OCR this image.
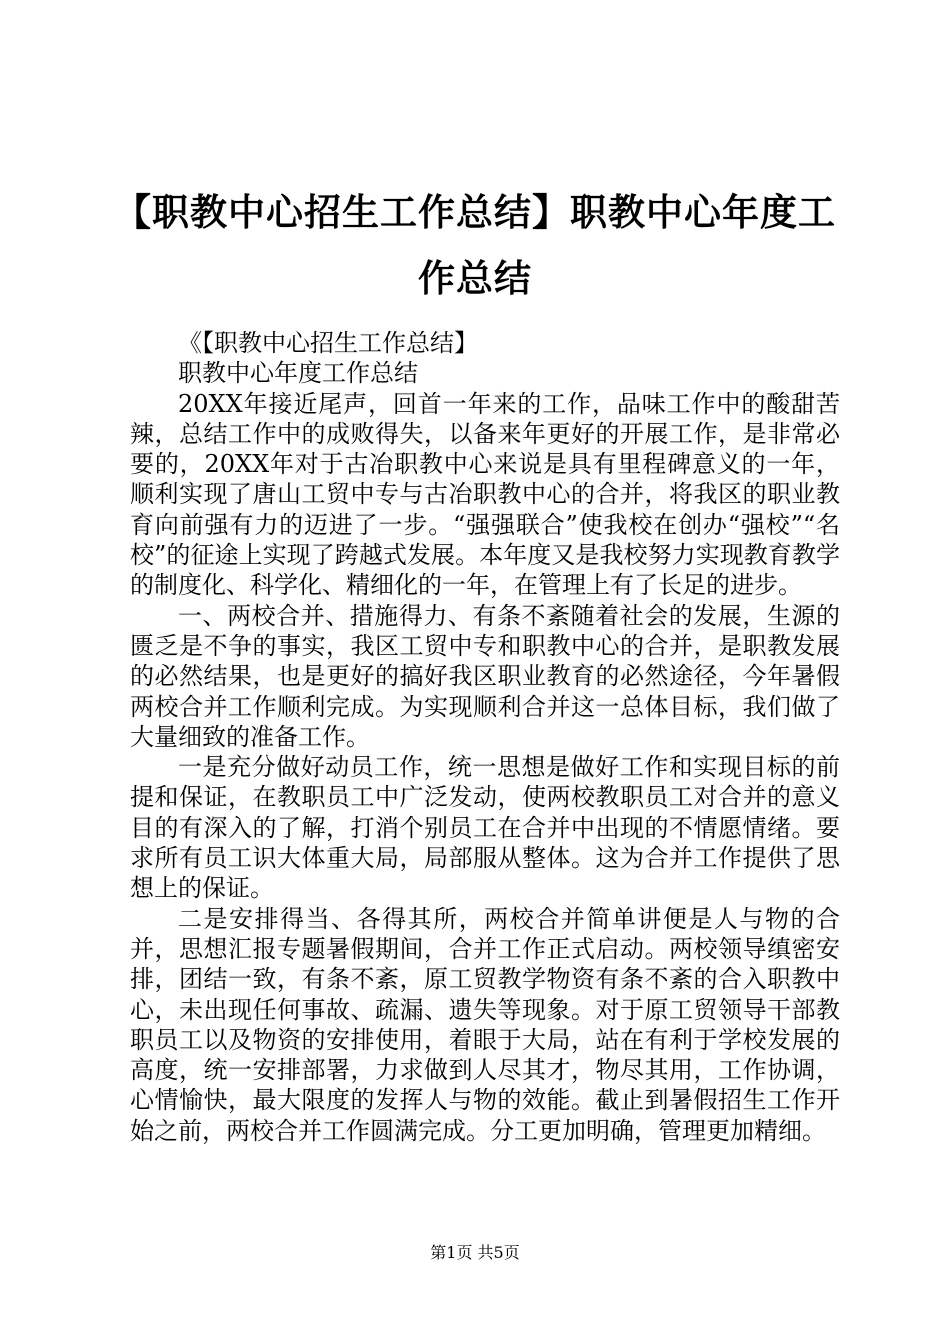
【职教中心招生工作总结】职教中心年度工作总结

《【职教中心招生工作总结】

职教中心年度工作总结

20XX年接近尾声，回首一年来的工作，品味工作中的酸甜苦辣，总结工作中的成败得失，以备来年更好的开展工作，是非常必要的，20XX年对于古冶职教中心来说是具有里程碑意义的一年，顺利实现了唐山工贸中专与古冶职教中心的合并，将我区的职业教育向前强有力的迈进了一步。“强强联合”使我校在创办“强校”“名校”的征途上实现了跨越式发展。本年度又是我校努力实现教育教学的制度化、科学化、精细化的一年，在管理上有了长足的进步。

一、两校合并、措施得力、有条不紊随着社会的发展，生源的匮乏是不争的事实，我区工贸中专和职教中心的合并，是职教发展的必然结果，也是更好的搞好我区职业教育的必然途径，今年暑假两校合并工作顺利完成。为实现顺利合并这一总体目标，我们做了大量细致的准备工作。

一是充分做好动员工作，统一思想是做好工作和实现目标的前提和保证，在教职员工中广泛发动，使两校教职员工对合并的意义目的有深入的了解，打消个别员工在合并中出现的不情愿情绪。要求所有员工识大体重大局，局部服从整体。这为合并工作提供了思想上的保证。

二是安排得当、各得其所，两校合并简单讲便是人与物的合并，思想汇报专题暑假期间，合并工作正式启动。两校领导缜密安排，团结一致，有条不紊，原工贸教学物资有条不紊的合入职教中心，未出现任何事故、疏漏、遗失等现象。对于原工贸领导干部教职员工以及物资的安排使用，着眼于大局，站在有利于学校发展的高度，统一安排部署，力求做到人尽其才，物尽其用，工作协调，心情愉快，最大限度的发挥人与物的效能。截止到暑假招生工作开始之前，两校合并工作圆满完成。分工更加明确，管理更加精细。

第1页 共5页
